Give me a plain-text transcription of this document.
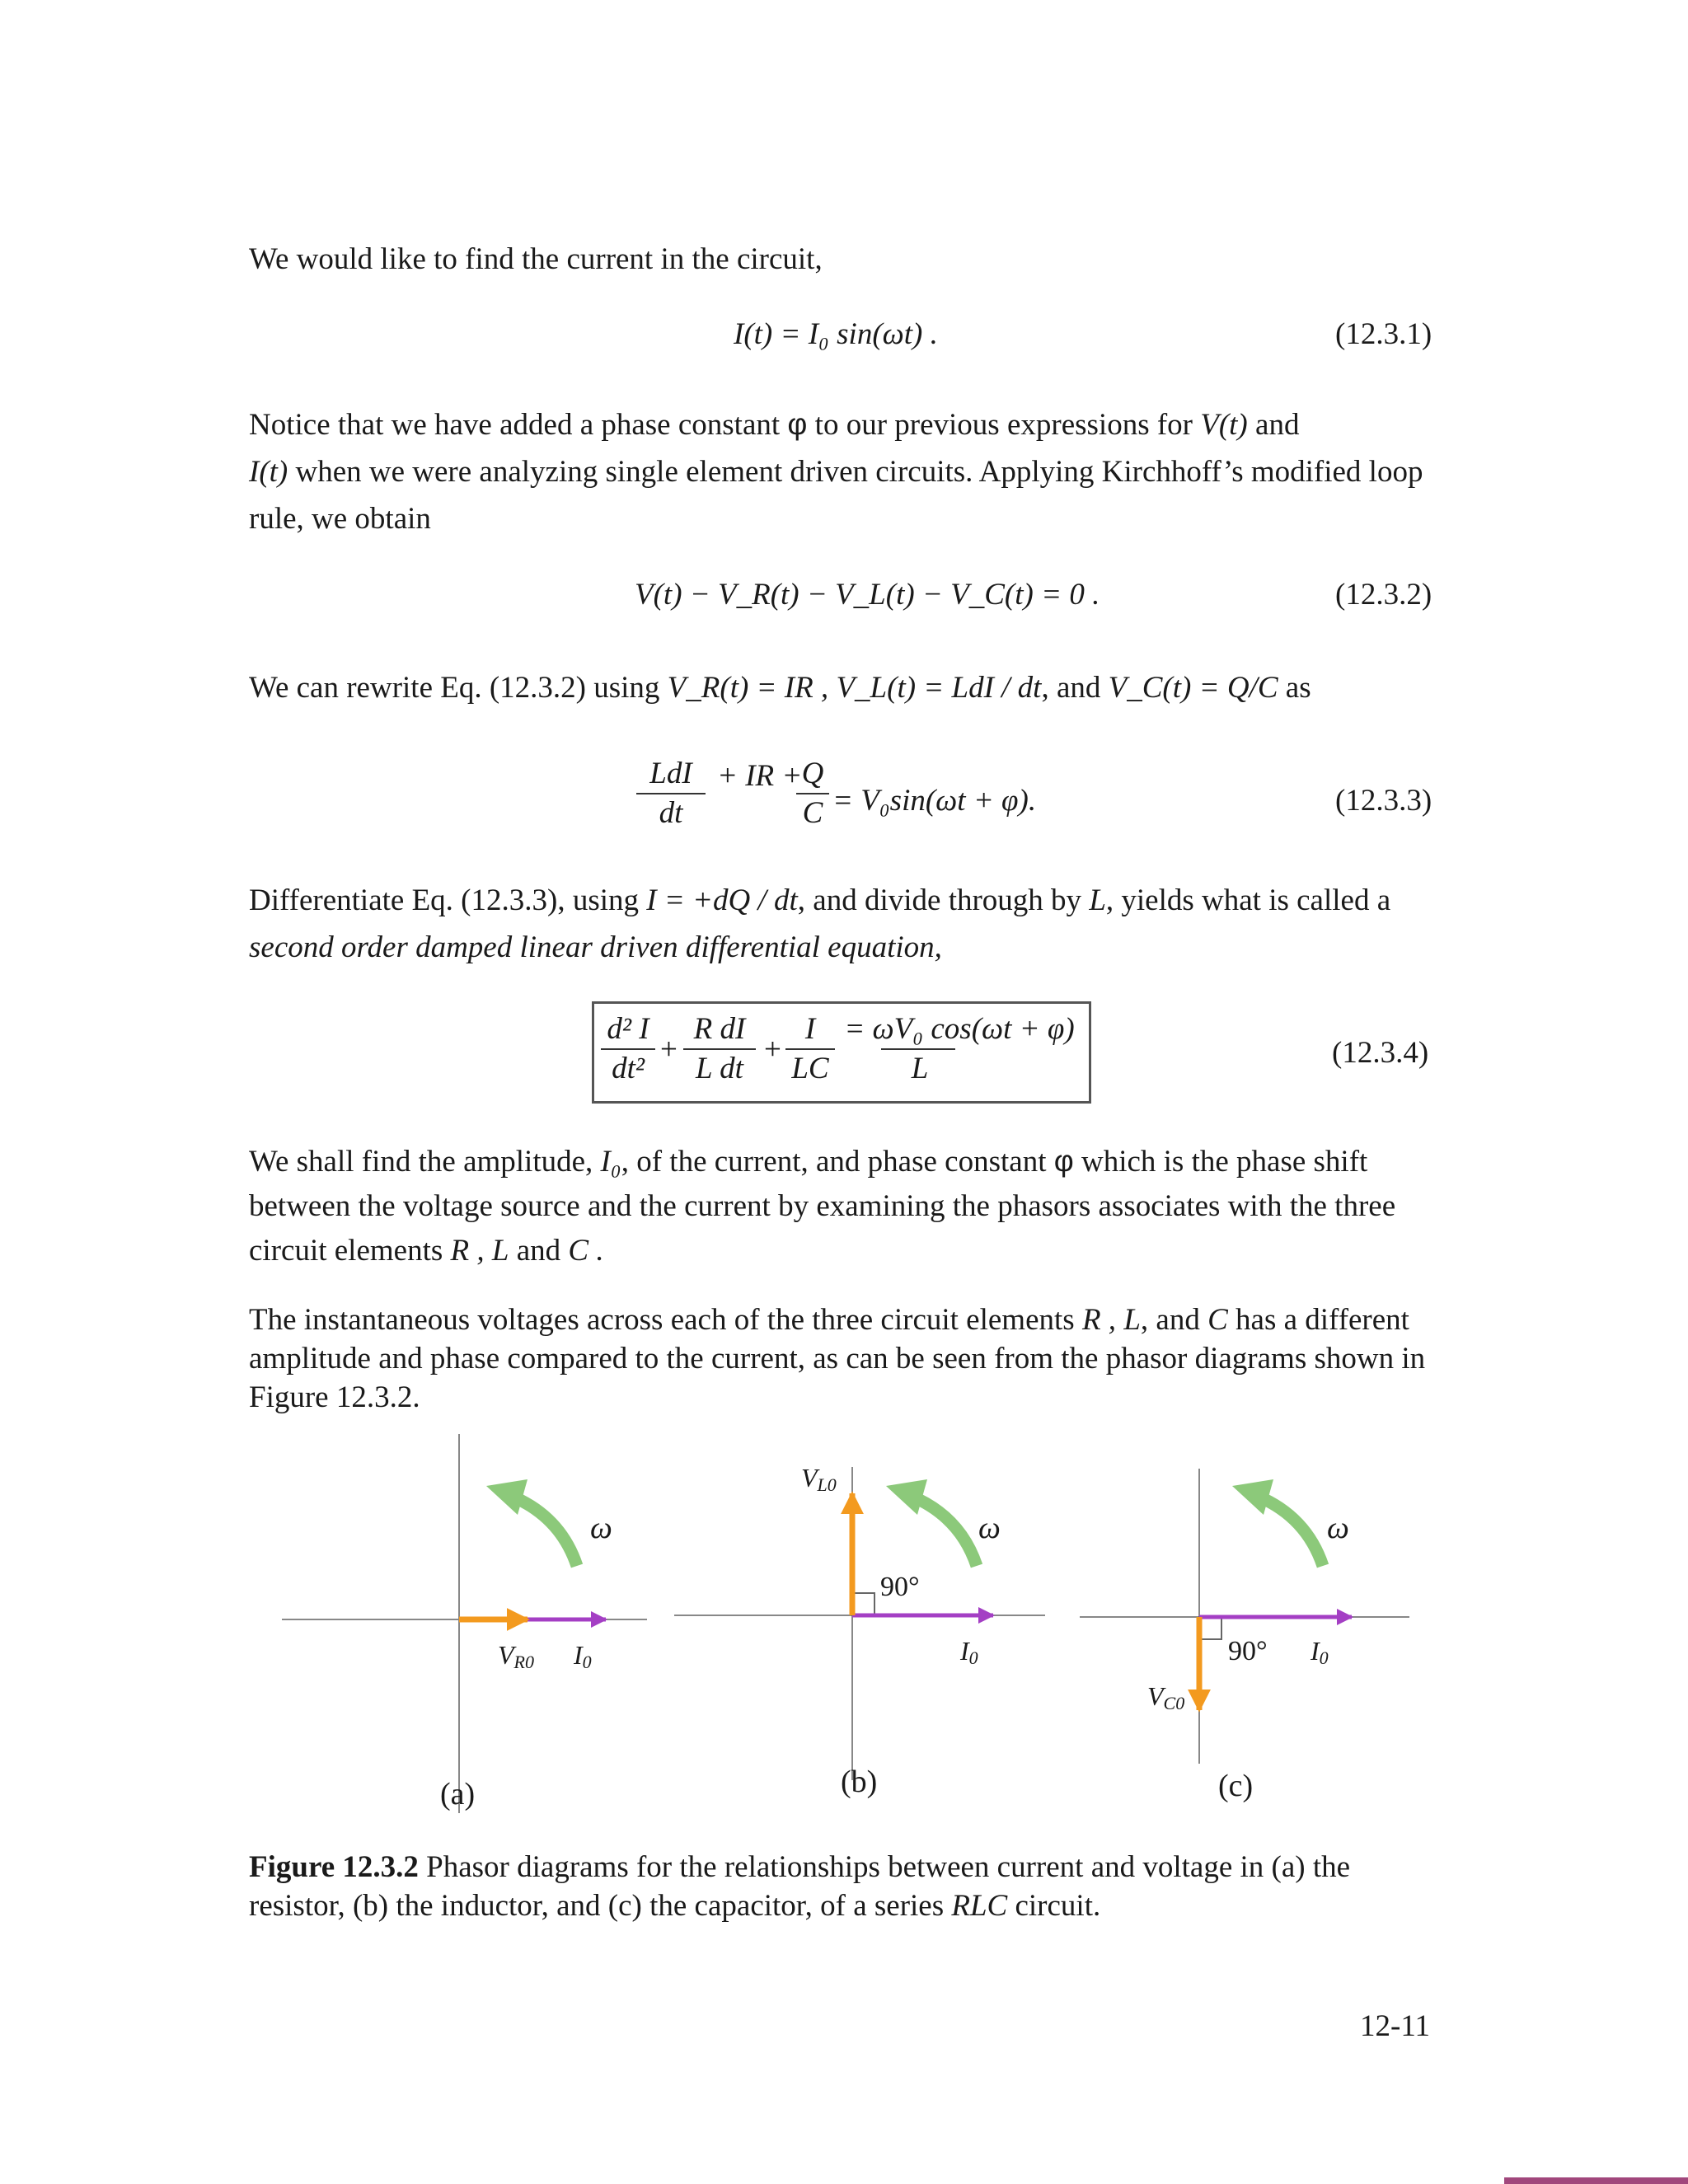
We would like to find the current in the circuit,

I(t) = I₀ sin(ωt) .	(12.3.1)

Notice that we have added a phase constant φ to our previous expressions for V(t) and
I(t) when we were analyzing single element driven circuits. Applying Kirchhoff’s modified loop rule, we obtain

V(t) − V_R(t) − V_L(t) − V_C(t) = 0 .	(12.3.2)

We can rewrite Eq. (12.3.2) using V_R(t) = IR , V_L(t) = LdI / dt, and V_C(t) = Q/C as

LdI
dt
+ IR + Q
C = V₀sin(ωt + φ).	(12.3.3)

Differentiate Eq. (12.3.3), using I = +dQ / dt, and divide through by L, yields what is called a second order damped linear driven differential equation,

d² I
dt²
+
R dI
L dt
+
I
LC
= ωV₀ cos(ωt + φ)
L	(12.3.4)

We shall find the amplitude, I₀, of the current, and phase constant φ which is the phase shift between the voltage source and the current by examining the phasors associates with the three circuit elements R , L and C .

The instantaneous voltages across each of the three circuit elements R , L, and C has a different amplitude and phase compared to the current, as can be seen from the phasor diagrams shown in Figure 12.3.2.

ω
$V_{R0}$ $I_0$
(a)
ω
$V_{L0}$
90°
$I_0$
(b)
ω
$V_{C0}$
90° $I_0$
(c)

Figure 12.3.2 Phasor diagrams for the relationships between current and voltage in (a) the resistor, (b) the inductor, and (c) the capacitor, of a series RLC circuit.

12-11
